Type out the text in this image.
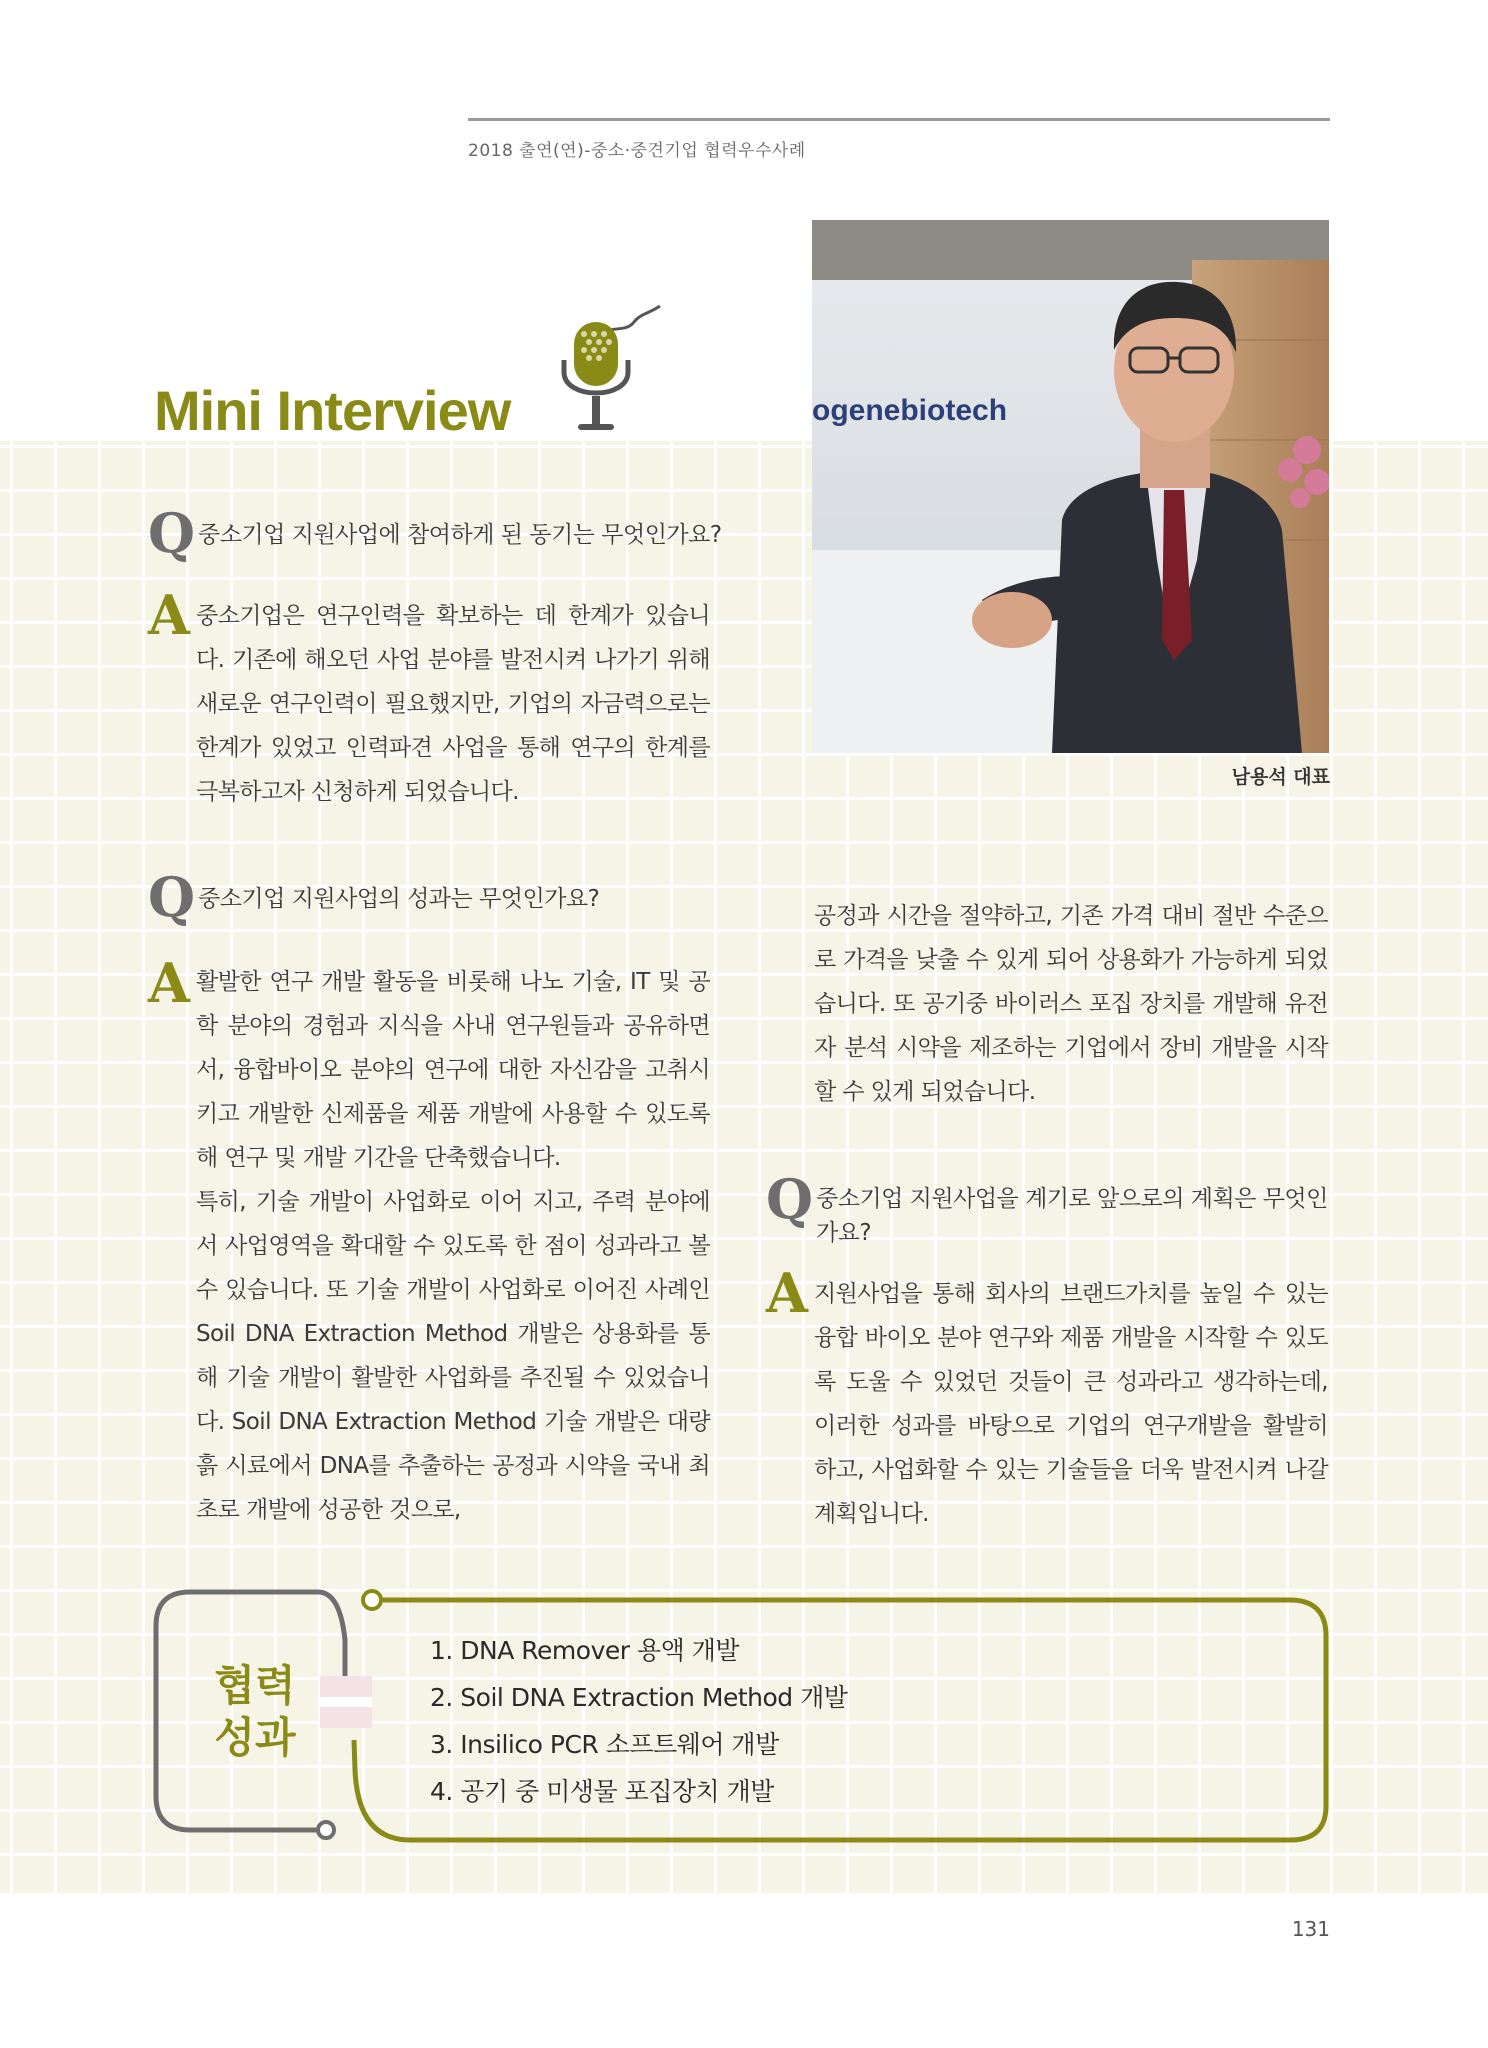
2018 출연(연)-중소·중견기업 협력우수사례
Mini Interview	ogenebiotech
남용석 대표
Q 중소기업 지원사업에 참여하게 된 동기는 무엇인가요?
A 중소기업은 연구인력을 확보하는 데 한계가 있습니다. 기존에 해오던 사업 분야를 발전시켜 나가기 위해 새로운 연구인력이 필요했지만, 기업의 자금력으로는 한계가 있었고 인력파견 사업을 통해 연구의 한계를 극복하고자 신청하게 되었습니다.
Q 중소기업 지원사업의 성과는 무엇인가요?
A 활발한 연구 개발 활동을 비롯해 나노 기술, IT 및 공학 분야의 경험과 지식을 사내 연구원들과 공유하면서, 융합바이오 분야의 연구에 대한 자신감을 고취시키고 개발한 신제품을 제품 개발에 사용할 수 있도록 해 연구 및 개발 기간을 단축했습니다.
특히, 기술 개발이 사업화로 이어 지고, 주력 분야에서 사업영역을 확대할 수 있도록 한 점이 성과라고 볼 수 있습니다. 또 기술 개발이 사업화로 이어진 사례인 Soil DNA Extraction Method 개발은 상용화를 통해 기술 개발이 활발한 사업화를 추진될 수 있었습니다. Soil DNA Extraction Method 기술 개발은 대량 흙 시료에서 DNA를 추출하는 공정과 시약을 국내 최초로 개발에 성공한 것으로,
공정과 시간을 절약하고, 기존 가격 대비 절반 수준으로 가격을 낮출 수 있게 되어 상용화가 가능하게 되었습니다. 또 공기중 바이러스 포집 장치를 개발해 유전자 분석 시약을 제조하는 기업에서 장비 개발을 시작 할 수 있게 되었습니다.
Q 중소기업 지원사업을 계기로 앞으로의 계획은 무엇인가요?
A 지원사업을 통해 회사의 브랜드가치를 높일 수 있는 융합 바이오 분야 연구와 제품 개발을 시작할 수 있도록 도울 수 있었던 것들이 큰 성과라고 생각하는데, 이러한 성과를 바탕으로 기업의 연구개발을 활발히 하고, 사업화할 수 있는 기술들을 더욱 발전시켜 나갈 계획입니다.
협력
성과
1. DNA Remover 용액 개발
2. Soil DNA Extraction Method 개발
3. Insilico PCR 소프트웨어 개발
4. 공기 중 미생물 포집장치 개발
131
